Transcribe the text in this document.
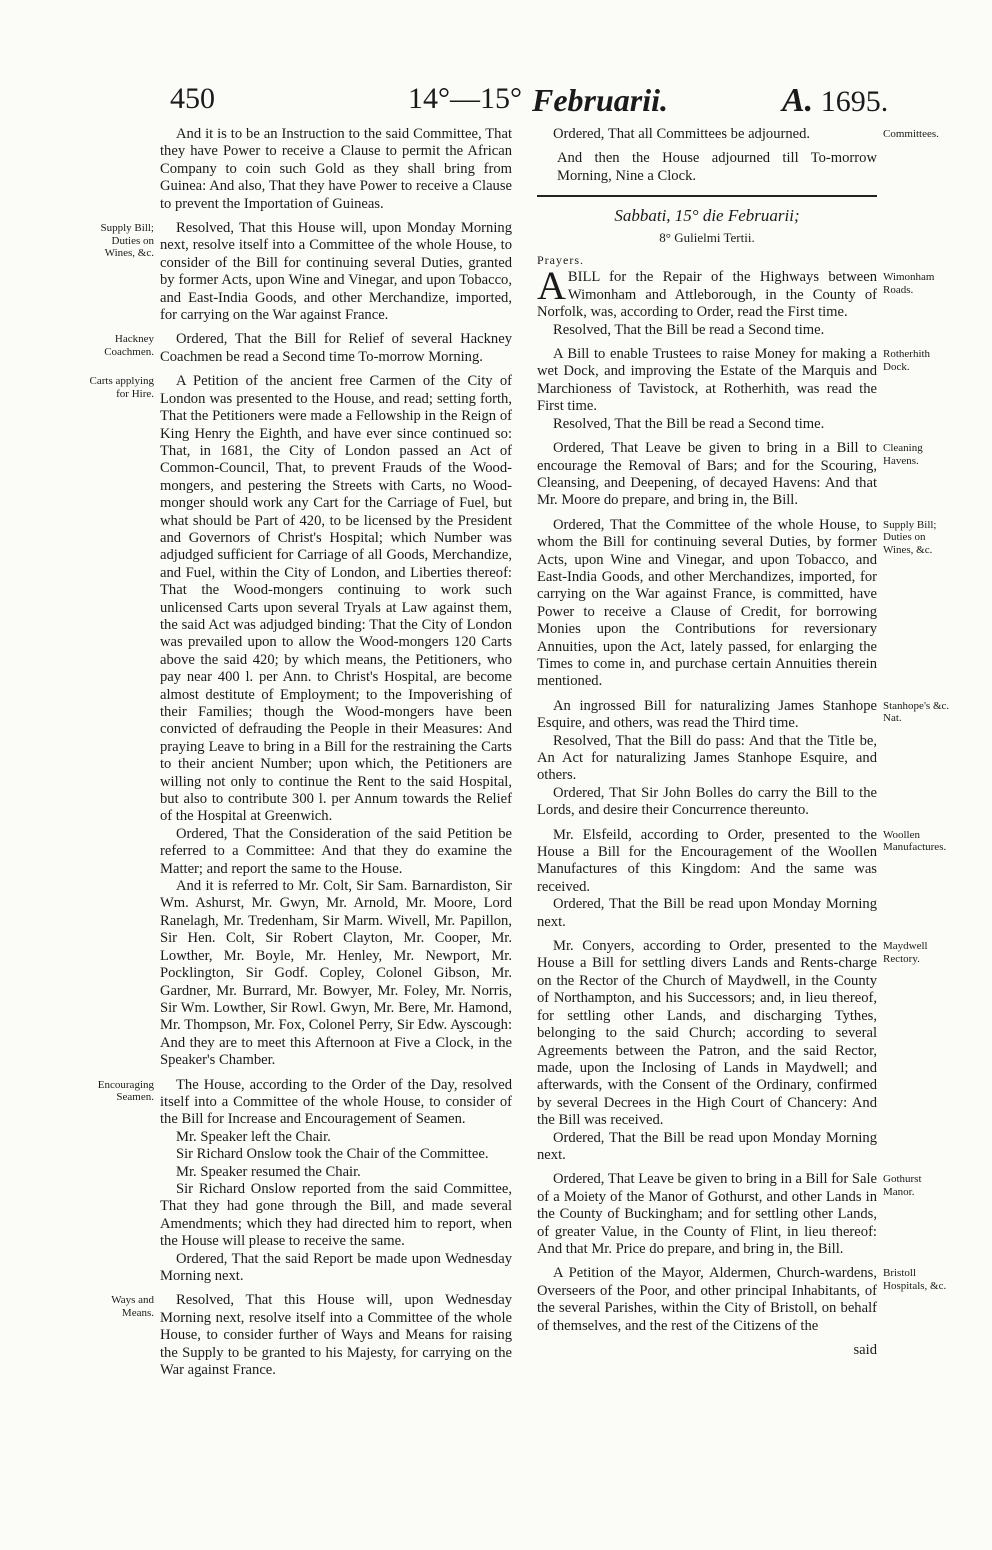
450	14°—15° Februarii.	A. 1695.

And it is to be an Instruction to the said Committee, That they have Power to receive a Clause to permit the African Company to coin such Gold as they shall bring from Guinea: And also, That they have Power to receive a Clause to prevent the Importation of Guineas.

Supply Bill; Duties on Wines, &c.

Resolved, That this House will, upon Monday Morning next, resolve itself into a Committee of the whole House, to consider of the Bill for continuing several Duties, granted by former Acts, upon Wine and Vinegar, and upon Tobacco, and East-India Goods, and other Merchandize, imported, for carrying on the War against France.

Hackney Coachmen.

Ordered, That the Bill for Relief of several Hackney Coachmen be read a Second time To-morrow Morning.

Carts applying for Hire.

A Petition of the ancient free Carmen of the City of London was presented to the House, and read; setting forth, That the Petitioners were made a Fellowship in the Reign of King Henry the Eighth, and have ever since continued so: That, in 1681, the City of London passed an Act of Common-Council, That, to prevent Frauds of the Wood-mongers, and pestering the Streets with Carts, no Wood-monger should work any Cart for the Carriage of Fuel, but what should be Part of 420, to be licensed by the President and Governors of Christ's Hospital; which Number was adjudged sufficient for Carriage of all Goods, Merchandize, and Fuel, within the City of London, and Liberties thereof: That the Wood-mongers continuing to work such unlicensed Carts upon several Tryals at Law against them, the said Act was adjudged binding: That the City of London was prevailed upon to allow the Wood-mongers 120 Carts above the said 420; by which means, the Petitioners, who pay near 400 l. per Ann. to Christ's Hospital, are become almost destitute of Employment; to the Impoverishing of their Families; though the Wood-mongers have been convicted of defrauding the People in their Measures: And praying Leave to bring in a Bill for the restraining the Carts to their ancient Number; upon which, the Petitioners are willing not only to continue the Rent to the said Hospital, but also to contribute 300 l. per Annum towards the Relief of the Hospital at Greenwich.

Ordered, That the Consideration of the said Petition be referred to a Committee: And that they do examine the Matter; and report the same to the House.

And it is referred to Mr. Colt, Sir Sam. Barnardiston, Sir Wm. Ashurst, Mr. Gwyn, Mr. Arnold, Mr. Moore, Lord Ranelagh, Mr. Tredenham, Sir Marm. Wivell, Mr. Papillon, Sir Hen. Colt, Sir Robert Clayton, Mr. Cooper, Mr. Lowther, Mr. Boyle, Mr. Henley, Mr. Newport, Mr. Pocklington, Sir Godf. Copley, Colonel Gibson, Mr. Gardner, Mr. Burrard, Mr. Bowyer, Mr. Foley, Mr. Norris, Sir Wm. Lowther, Sir Rowl. Gwyn, Mr. Bere, Mr. Hamond, Mr. Thompson, Mr. Fox, Colonel Perry, Sir Edw. Ayscough: And they are to meet this Afternoon at Five a Clock, in the Speaker's Chamber.

Encouraging Seamen.

The House, according to the Order of the Day, resolved itself into a Committee of the whole House, to consider of the Bill for Increase and Encouragement of Seamen.

Mr. Speaker left the Chair.

Sir Richard Onslow took the Chair of the Committee.

Mr. Speaker resumed the Chair.

Sir Richard Onslow reported from the said Committee, That they had gone through the Bill, and made several Amendments; which they had directed him to report, when the House will please to receive the same.

Ordered, That the said Report be made upon Wednesday Morning next.

Ways and Means.

Resolved, That this House will, upon Wednesday Morning next, resolve itself into a Committee of the whole House, to consider further of Ways and Means for raising the Supply to be granted to his Majesty, for carrying on the War against France.

Committees.

Ordered, That all Committees be adjourned.

And then the House adjourned till To-morrow Morning, Nine a Clock.

Sabbati, 15° die Februarii;
8° Gulielmi Tertii.
Prayers.
Wimonham Roads.

ABILL for the Repair of the Highways between Wimonham and Attleborough, in the County of Norfolk, was, according to Order, read the First time.

Resolved, That the Bill be read a Second time.

Rotherhith Dock.

A Bill to enable Trustees to raise Money for making a wet Dock, and improving the Estate of the Marquis and Marchioness of Tavistock, at Rotherhith, was read the First time.

Resolved, That the Bill be read a Second time.

Cleaning Havens.

Ordered, That Leave be given to bring in a Bill to encourage the Removal of Bars; and for the Scouring, Cleansing, and Deepening, of decayed Havens: And that Mr. Moore do prepare, and bring in, the Bill.

Supply Bill; Duties on Wines, &c.

Ordered, That the Committee of the whole House, to whom the Bill for continuing several Duties, by former Acts, upon Wine and Vinegar, and upon Tobacco, and East-India Goods, and other Merchandizes, imported, for carrying on the War against France, is committed, have Power to receive a Clause of Credit, for borrowing Monies upon the Contributions for reversionary Annuities, upon the Act, lately passed, for enlarging the Times to come in, and purchase certain Annuities therein mentioned.

Stanhope's &c. Nat.

An ingrossed Bill for naturalizing James Stanhope Esquire, and others, was read the Third time.

Resolved, That the Bill do pass: And that the Title be, An Act for naturalizing James Stanhope Esquire, and others.

Ordered, That Sir John Bolles do carry the Bill to the Lords, and desire their Concurrence thereunto.

Woollen Manufactures.

Mr. Elsfeild, according to Order, presented to the House a Bill for the Encouragement of the Woollen Manufactures of this Kingdom: And the same was received.

Ordered, That the Bill be read upon Monday Morning next.

Maydwell Rectory.

Mr. Conyers, according to Order, presented to the House a Bill for settling divers Lands and Rents-charge on the Rector of the Church of Maydwell, in the County of Northampton, and his Successors; and, in lieu thereof, for settling other Lands, and discharging Tythes, belonging to the said Church; according to several Agreements between the Patron, and the said Rector, made, upon the Inclosing of Lands in Maydwell; and afterwards, with the Consent of the Ordinary, confirmed by several Decrees in the High Court of Chancery: And the Bill was received.

Ordered, That the Bill be read upon Monday Morning next.

Gothurst Manor.

Ordered, That Leave be given to bring in a Bill for Sale of a Moiety of the Manor of Gothurst, and other Lands in the County of Buckingham; and for settling other Lands, of greater Value, in the County of Flint, in lieu thereof: And that Mr. Price do prepare, and bring in, the Bill.

Bristoll Hospitals, &c.

A Petition of the Mayor, Aldermen, Church-wardens, Overseers of the Poor, and other principal Inhabitants, of the several Parishes, within the City of Bristoll, on behalf of themselves, and the rest of the Citizens of the

said
